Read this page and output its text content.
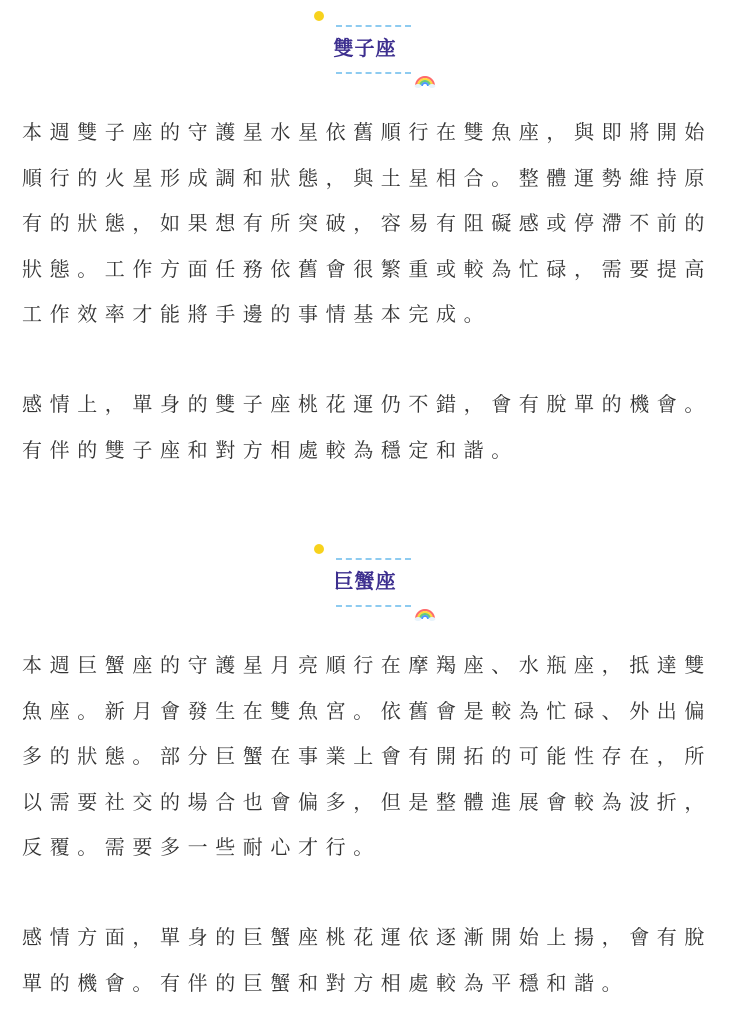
雙子座

本週雙子座的守護星水星依舊順行在雙魚座，與即將開始順行的火星形成調和狀態，與土星相合。整體運勢維持原有的狀態，如果想有所突破，容易有阻礙感或停滯不前的狀態。工作方面任務依舊會很繁重或較為忙碌，需要提高工作效率才能將手邊的事情基本完成。

感情上，單身的雙子座桃花運仍不錯，會有脫單的機會。有伴的雙子座和對方相處較為穩定和諧。

巨蟹座

本週巨蟹座的守護星月亮順行在摩羯座、水瓶座，抵達雙魚座。新月會發生在雙魚宮。依舊會是較為忙碌、外出偏多的狀態。部分巨蟹在事業上會有開拓的可能性存在，所以需要社交的場合也會偏多，但是整體進展會較為波折，反覆。需要多一些耐心才行。

感情方面，單身的巨蟹座桃花運依逐漸開始上揚，會有脫單的機會。有伴的巨蟹和對方相處較為平穩和諧。
